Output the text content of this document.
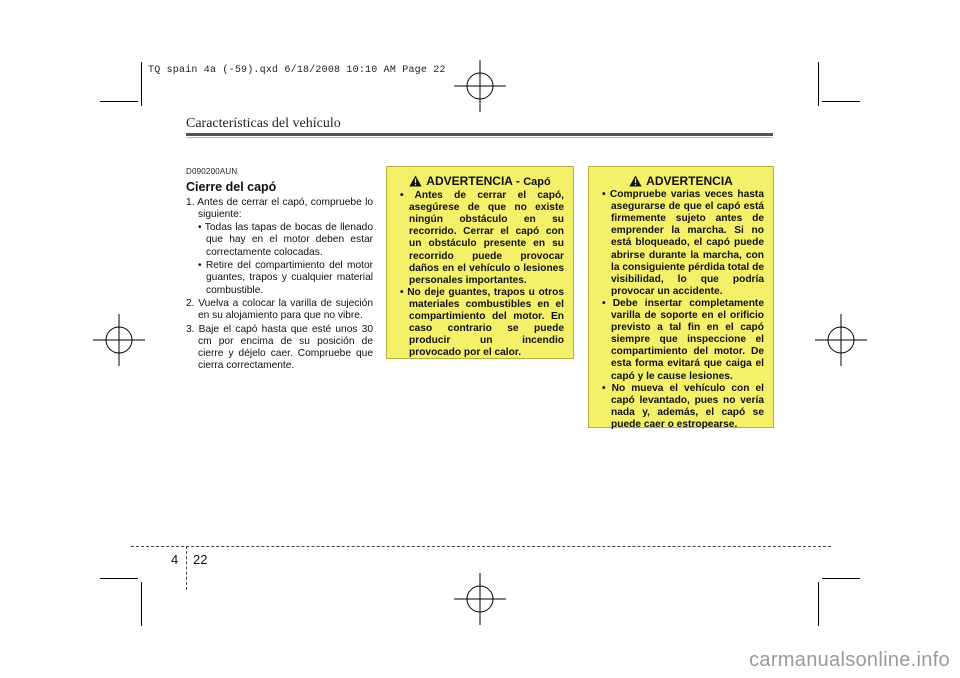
TQ spain 4a (-59).qxd 6/18/2008 10:10 AM Page 22
Características del vehículo
D090200AUN
Cierre del capó

1. Antes de cerrar el capó, compruebe lo siguiente:

• Todas las tapas de bocas de llenado que hay en el motor deben estar correctamente colocadas.

• Retire del compartimiento del motor guantes, trapos y cualquier material combustible.

2. Vuelva a colocar la varilla de sujeción en su alojamiento para que no vibre.

3. Baje el capó hasta que esté unos 30 cm por encima de su posición de cierre y déjelo caer. Compruebe que cierra correctamente.

ADVERTENCIA - Capó

• Antes de cerrar el capó, asegúrese de que no existe ningún obstáculo en su recorrido. Cerrar el capó con un obstáculo presente en su recorrido puede provocar daños en el vehículo o lesiones personales importantes.

• No deje guantes, trapos u otros materiales combustibles en el compartimiento del motor. En caso contrario se puede producir un incendio provocado por el calor.

ADVERTENCIA

• Compruebe varias veces hasta asegurarse de que el capó está firmemente sujeto antes de emprender la marcha. Si no está bloqueado, el capó puede abrirse durante la marcha, con la consiguiente pérdida total de visibilidad, lo que podría provocar un accidente.

• Debe insertar completamente varilla de soporte en el orificio previsto a tal fin en el capó siempre que inspeccione el compartimiento del motor. De esta forma evitará que caiga el capó y le cause lesiones.

• No mueva el vehículo con el capó levantado, pues no vería nada y, además, el capó se puede caer o estropearse.

4 22
carmanualsonline.info
